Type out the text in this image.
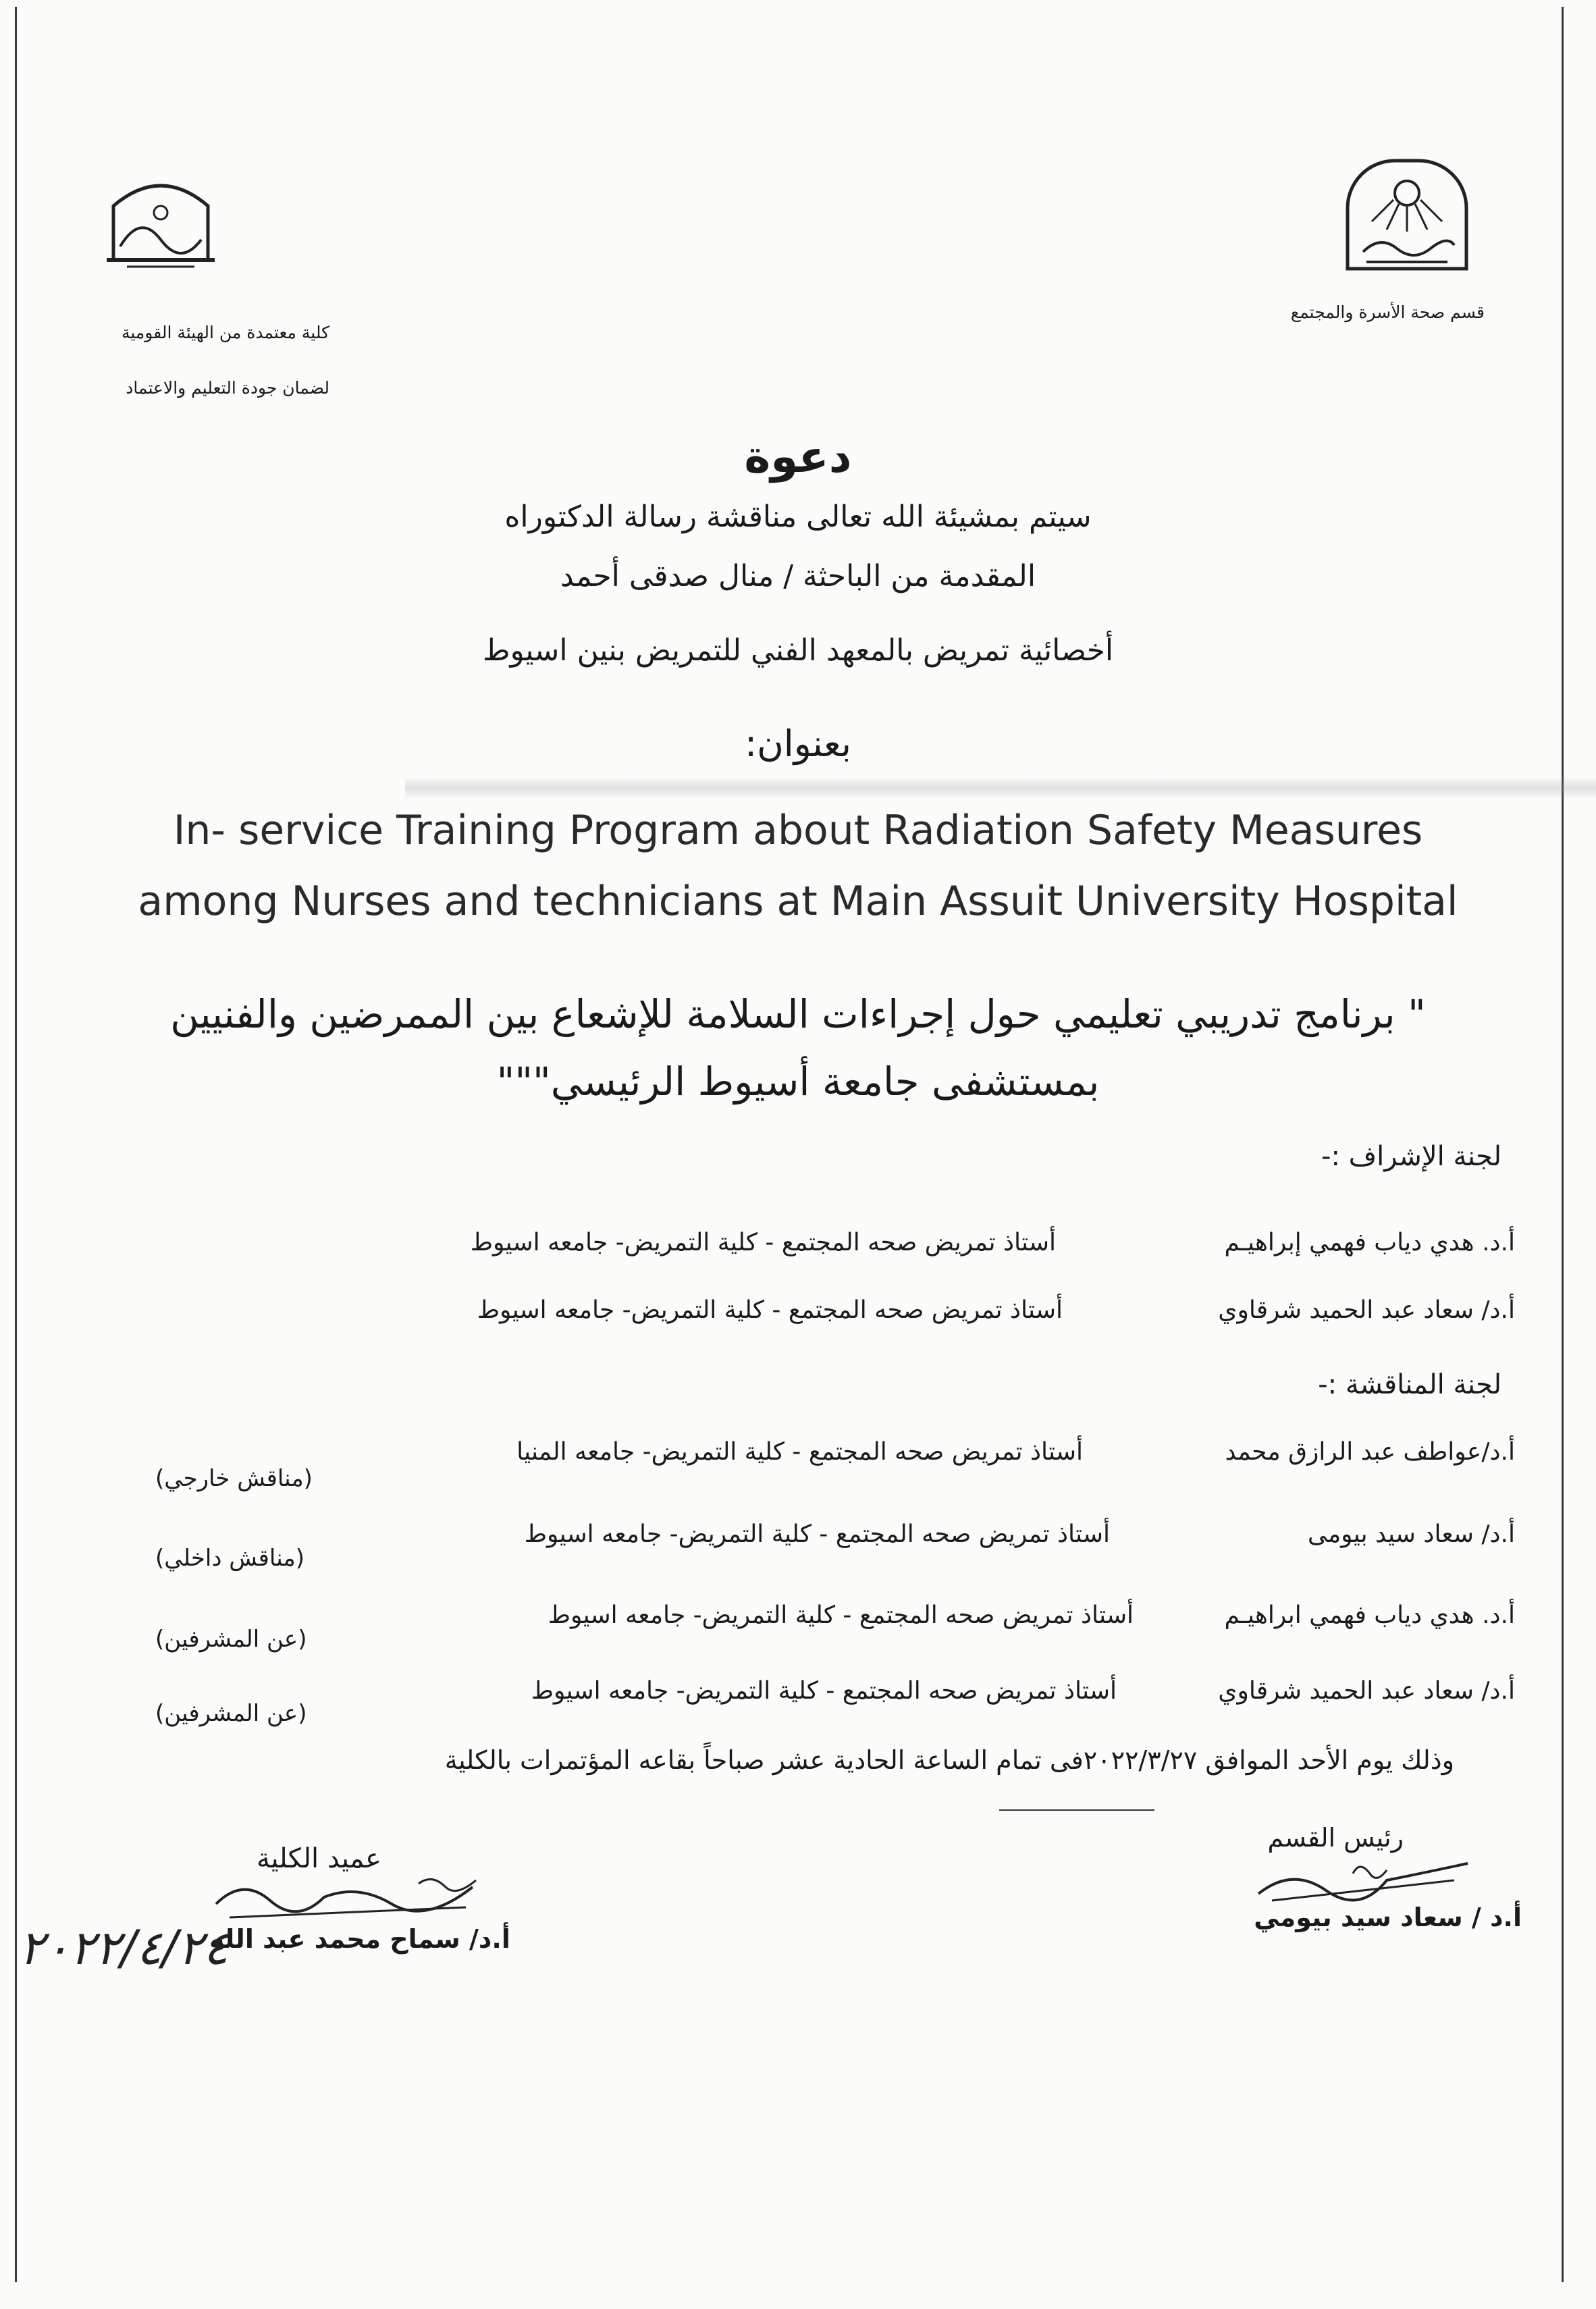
قسم صحة الأسرة والمجتمع
كلية معتمدة من الهيئة القومية
لضمان جودة التعليم والاعتماد
دعوة
سيتم بمشيئة الله تعالى مناقشة رسالة الدكتوراه
المقدمة من الباحثة / منال صدقى أحمد
أخصائية تمريض بالمعهد الفني للتمريض بنين اسيوط
بعنوان:
In- service Training Program about Radiation Safety Measures
among Nurses and technicians at Main Assuit University Hospital
" برنامج تدريبي تعليمي حول إجراءات السلامة للإشعاع بين الممرضين والفنيين
بمستشفى جامعة أسيوط الرئيسي"""
لجنة الإشراف :-
أ.د. هدي دياب فهمي إبراهيـم
أستاذ تمريض صحه المجتمع - كلية التمريض- جامعه اسيوط
أ.د/ سعاد عبد الحميد شرقاوي
أستاذ تمريض صحه المجتمع - كلية التمريض- جامعه اسيوط
لجنة المناقشة :-
أ.د/عواطف عبد الرازق محمد
أستاذ تمريض صحه المجتمع - كلية التمريض- جامعه المنيا
(مناقش خارجي)
أ.د/ سعاد سيد بيومى
أستاذ تمريض صحه المجتمع - كلية التمريض- جامعه اسيوط
(مناقش داخلي)
أ.د. هدي دياب فهمي ابراهيـم
أستاذ تمريض صحه المجتمع - كلية التمريض- جامعه اسيوط
(عن المشرفين)
أ.د/ سعاد عبد الحميد شرقاوي
أستاذ تمريض صحه المجتمع - كلية التمريض- جامعه اسيوط
(عن المشرفين)
وذلك يوم الأحد الموافق ٢٠٢٢/٣/٢٧فى تمام الساعة الحادية عشر صباحاً بقاعه المؤتمرات بالكلية
رئيس القسم
أ.د / سعاد سيد بيومي
عميد الكلية
أ.د/ سماح محمد عبد الله
٢٠٢٢/٤/٢٤
